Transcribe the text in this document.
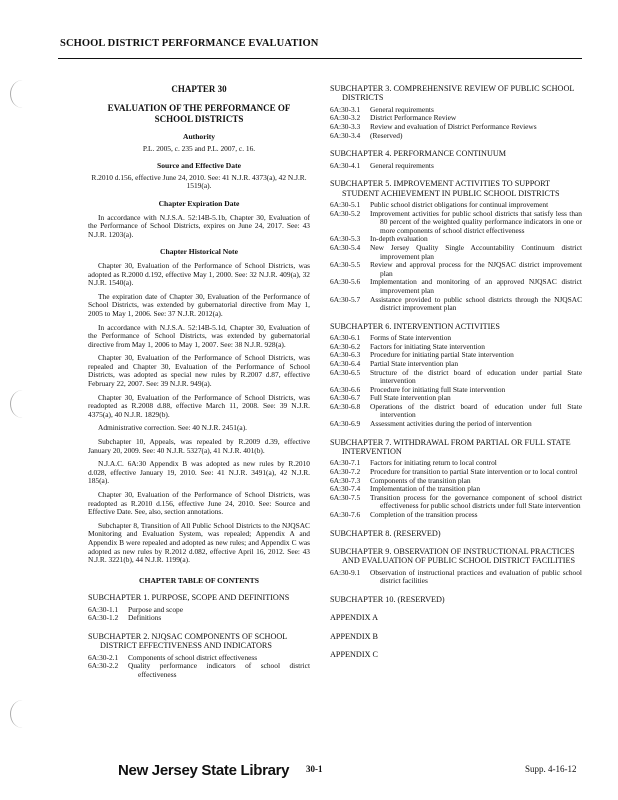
SCHOOL DISTRICT PERFORMANCE EVALUATION
CHAPTER 30
EVALUATION OF THE PERFORMANCE OF SCHOOL DISTRICTS
Authority
P.L. 2005, c. 235 and P.L. 2007, c. 16.
Source and Effective Date
R.2010 d.156, effective June 24, 2010. See: 41 N.J.R. 4373(a), 42 N.J.R. 1519(a).
Chapter Expiration Date
In accordance with N.J.S.A. 52:14B-5.1b, Chapter 30, Evaluation of the Performance of School Districts, expires on June 24, 2017. See: 43 N.J.R. 1203(a).
Chapter Historical Note
Chapter 30, Evaluation of the Performance of School Districts, was adopted as R.2000 d.192, effective May 1, 2000. See: 32 N.J.R. 409(a), 32 N.J.R. 1540(a).
The expiration date of Chapter 30, Evaluation of the Performance of School Districts, was extended by gubernatorial directive from May 1, 2005 to May 1, 2006. See: 37 N.J.R. 2012(a).
In accordance with N.J.S.A. 52:14B-5.1d, Chapter 30, Evaluation of the Performance of School Districts, was extended by gubernatorial directive from May 1, 2006 to May 1, 2007. See: 38 N.J.R. 928(a).
Chapter 30, Evaluation of the Performance of School Districts, was repealed and Chapter 30, Evaluation of the Performance of School Districts, was adopted as special new rules by R.2007 d.87, effective February 22, 2007. See: 39 N.J.R. 949(a).
Chapter 30, Evaluation of the Performance of School Districts, was readopted as R.2008 d.88, effective March 11, 2008. See: 39 N.J.R. 4375(a), 40 N.J.R. 1829(b).
Administrative correction. See: 40 N.J.R. 2451(a).
Subchapter 10, Appeals, was repealed by R.2009 d.39, effective January 20, 2009. See: 40 N.J.R. 5327(a), 41 N.J.R. 401(b).
N.J.A.C. 6A:30 Appendix B was adopted as new rules by R.2010 d.028, effective January 19, 2010. See: 41 N.J.R. 3491(a), 42 N.J.R. 185(a).
Chapter 30, Evaluation of the Performance of School Districts, was readopted as R.2010 d.156, effective June 24, 2010. See: Source and Effective Date. See, also, section annotations.
Subchapter 8, Transition of All Public School Districts to the NJQSAC Monitoring and Evaluation System, was repealed; Appendix A and Appendix B were repealed and adopted as new rules; and Appendix C was adopted as new rules by R.2012 d.082, effective April 16, 2012. See: 43 N.J.R. 3221(b), 44 N.J.R. 1199(a).
CHAPTER TABLE OF CONTENTS
SUBCHAPTER 1. PURPOSE, SCOPE AND DEFINITIONS
6A:30-1.1	Purpose and scope
6A:30-1.2	Definitions
SUBCHAPTER 2. NJQSAC COMPONENTS OF SCHOOL DISTRICT EFFECTIVENESS AND INDICATORS
6A:30-2.1	Components of school district effectiveness
6A:30-2.2	Quality performance indicators of school district effectiveness
SUBCHAPTER 3. COMPREHENSIVE REVIEW OF PUBLIC SCHOOL DISTRICTS
6A:30-3.1	General requirements
6A:30-3.2	District Performance Review
6A:30-3.3	Review and evaluation of District Performance Reviews
6A:30-3.4	(Reserved)
SUBCHAPTER 4. PERFORMANCE CONTINUUM
6A:30-4.1	General requirements
SUBCHAPTER 5. IMPROVEMENT ACTIVITIES TO SUPPORT STUDENT ACHIEVEMENT IN PUBLIC SCHOOL DISTRICTS
6A:30-5.1	Public school district obligations for continual improvement
6A:30-5.2	Improvement activities for public school districts that satisfy less than 80 percent of the weighted quality performance indicators in one or more components of school district effectiveness
6A:30-5.3	In-depth evaluation
6A:30-5.4	New Jersey Quality Single Accountability Continuum district improvement plan
6A:30-5.5	Review and approval process for the NJQSAC district improvement plan
6A:30-5.6	Implementation and monitoring of an approved NJQSAC district improvement plan
6A:30-5.7	Assistance provided to public school districts through the NJQSAC district improvement plan
SUBCHAPTER 6. INTERVENTION ACTIVITIES
6A:30-6.1	Forms of State intervention
6A:30-6.2	Factors for initiating State intervention
6A:30-6.3	Procedure for initiating partial State intervention
6A:30-6.4	Partial State intervention plan
6A:30-6.5	Structure of the district board of education under partial State intervention
6A:30-6.6	Procedure for initiating full State intervention
6A:30-6.7	Full State intervention plan
6A:30-6.8	Operations of the district board of education under full State intervention
6A:30-6.9	Assessment activities during the period of intervention
SUBCHAPTER 7. WITHDRAWAL FROM PARTIAL OR FULL STATE INTERVENTION
6A:30-7.1	Factors for initiating return to local control
6A:30-7.2	Procedure for transition to partial State intervention or to local control
6A:30-7.3	Components of the transition plan
6A:30-7.4	Implementation of the transition plan
6A:30-7.5	Transition process for the governance component of school district effectiveness for public school districts under full State intervention
6A:30-7.6	Completion of the transition process
SUBCHAPTER 8. (RESERVED)
SUBCHAPTER 9. OBSERVATION OF INSTRUCTIONAL PRACTICES AND EVALUATION OF PUBLIC SCHOOL DISTRICT FACILITIES
6A:30-9.1	Observation of instructional practices and evaluation of public school district facilities
SUBCHAPTER 10. (RESERVED)
APPENDIX A
APPENDIX B
APPENDIX C
New Jersey State Library 30-1	Supp. 4-16-12
